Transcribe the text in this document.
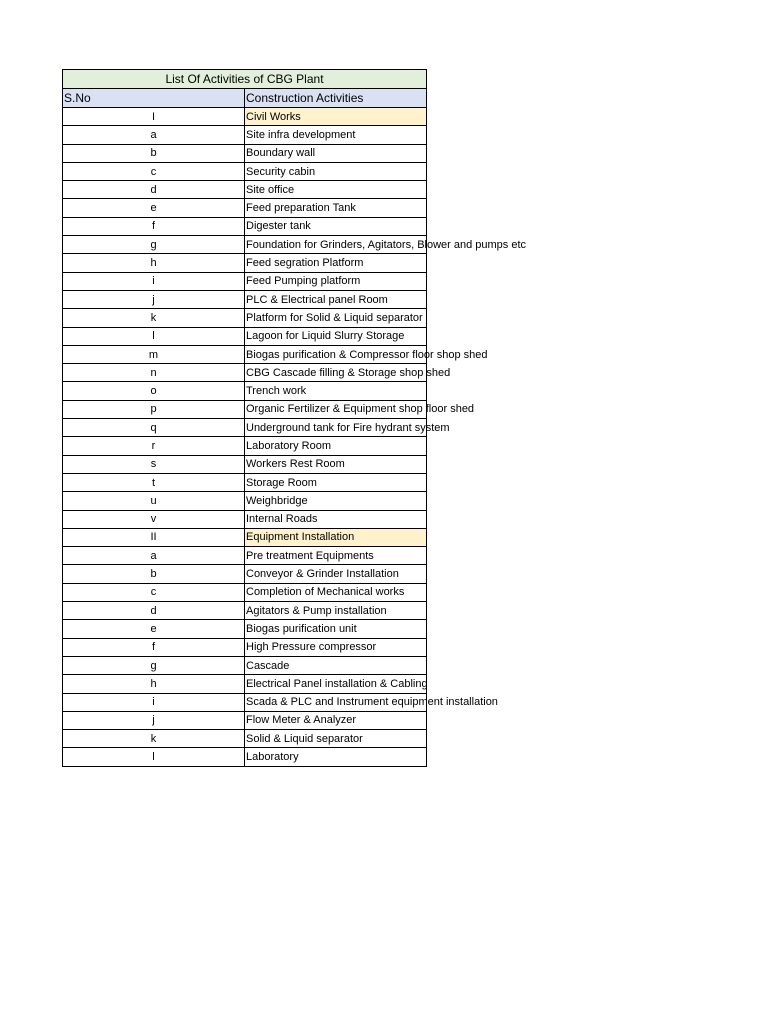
List Of Activities of CBG Plant	
S.No	Construction Activities
I	Civil Works
a	Site infra development
b	Boundary wall
c	Security cabin
d	Site office
e	Feed preparation Tank
f	Digester tank
g	Foundation for Grinders, Agitators, Blower and pumps etc
h	Feed segration Platform
i	Feed Pumping platform
j	PLC & Electrical panel Room
k	Platform for Solid & Liquid separator
l	Lagoon for Liquid Slurry Storage
m	Biogas purification & Compressor floor shop shed
n	CBG Cascade filling & Storage shop shed
o	Trench work
p	Organic Fertilizer & Equipment shop floor shed
q	Underground tank for Fire hydrant system
r	Laboratory Room
s	Workers Rest Room
t	Storage Room
u	Weighbridge
v	Internal Roads
II	Equipment Installation
a	Pre treatment Equipments
b	Conveyor & Grinder Installation
c	Completion of Mechanical works
d	Agitators & Pump installation
e	Biogas purification unit
f	High Pressure compressor
g	Cascade
h	Electrical Panel installation & Cabling
i	Scada & PLC and Instrument equipment installation
j	Flow Meter & Analyzer
k	Solid & Liquid separator
l	Laboratory
